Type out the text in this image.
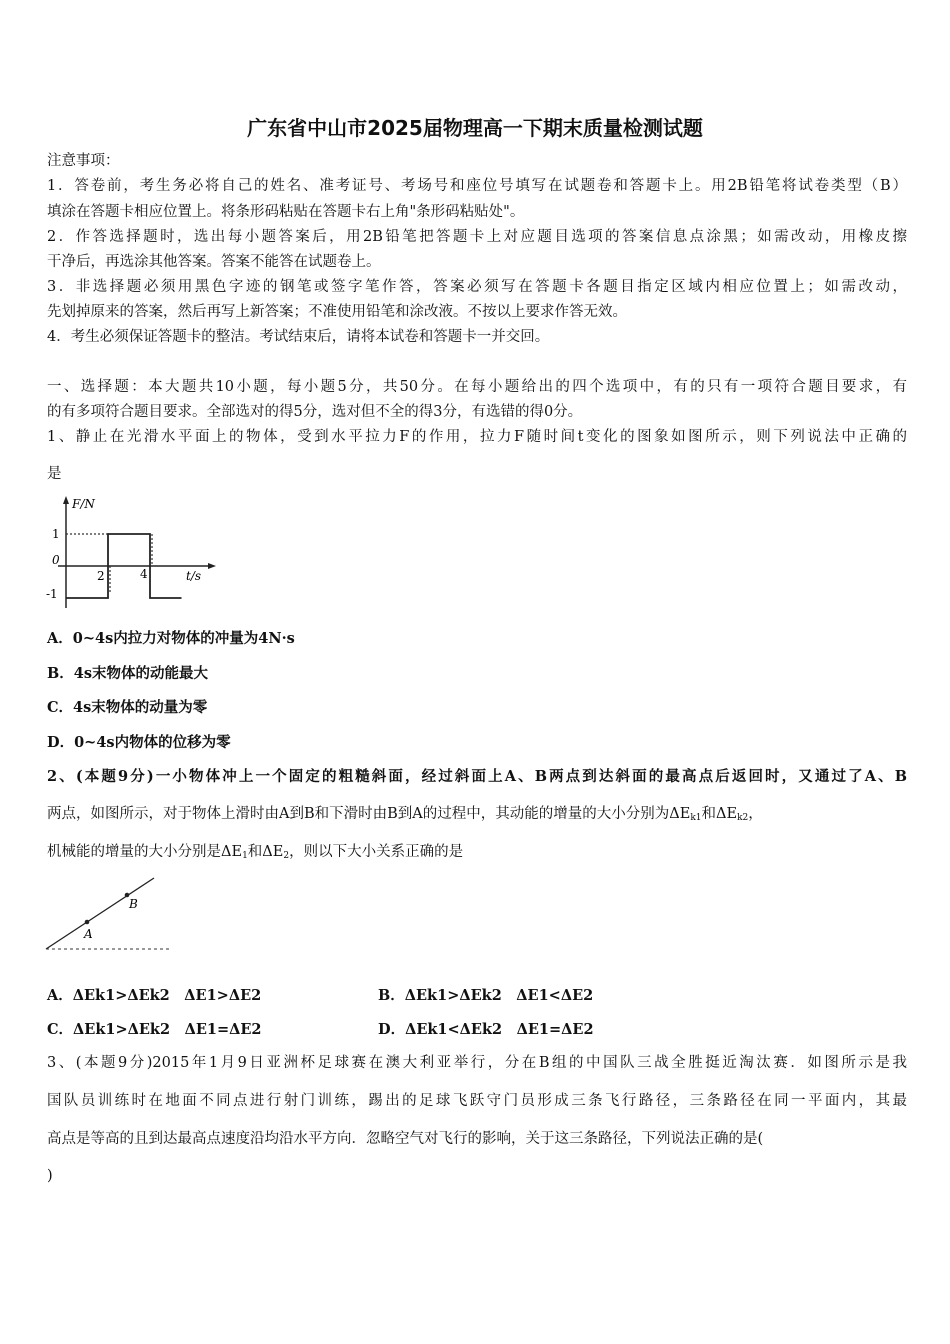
广东省中山市2025届物理高一下期末质量检测试题
注意事项：
1．答卷前，考生务必将自己的姓名、准考证号、考场号和座位号填写在试题卷和答题卡上。用2B铅笔将试卷类型（B）
填涂在答题卡相应位置上。将条形码粘贴在答题卡右上角"条形码粘贴处"。
2．作答选择题时，选出每小题答案后，用2B铅笔把答题卡上对应题目选项的答案信息点涂黑；如需改动，用橡皮擦
干净后，再选涂其他答案。答案不能答在试题卷上。
3．非选择题必须用黑色字迹的钢笔或签字笔作答，答案必须写在答题卡各题目指定区域内相应位置上；如需改动，
先划掉原来的答案，然后再写上新答案；不准使用铅笔和涂改液。不按以上要求作答无效。
4．考生必须保证答题卡的整洁。考试结束后，请将本试卷和答题卡一并交回。
一、选择题：本大题共10小题，每小题5分，共50分。在每小题给出的四个选项中，有的只有一项符合题目要求，有
的有多项符合题目要求。全部选对的得5分，选对但不全的得3分，有选错的得0分。
1、静止在光滑水平面上的物体，受到水平拉力F的作用，拉力F随时间t变化的图象如图所示，则下列说法中正确的
是
F/N
1
-1
0
2	4	t/s
A．0~4s内拉力对物体的冲量为4N·s
B．4s末物体的动能最大
C．4s末物体的动量为零
D．0~4s内物体的位移为零
2、(本题9分)一小物体冲上一个固定的粗糙斜面，经过斜面上A、B两点到达斜面的最高点后返回时，又通过了A、B
两点，如图所示，对于物体上滑时由A到B和下滑时由B到A的过程中，其动能的增量的大小分别为$\Delta E_{k1}$和$\Delta E_{k2}$，
机械能的增量的大小分别是$\Delta E_1$和$\Delta E_2$，则以下大小关系正确的是
A
B
A．ΔEk1>ΔEk2　ΔE1>ΔE2	B．ΔEk1>ΔEk2　ΔE1<ΔE2
C．ΔEk1>ΔEk2　ΔE1=ΔE2	D．ΔEk1<ΔEk2　ΔE1=ΔE2
3、(本题9分)2015年1月9日亚洲杯足球赛在澳大利亚举行，分在B组的中国队三战全胜挺近淘汰赛．如图所示是我
国队员训练时在地面不同点进行射门训练，踢出的足球飞跃守门员形成三条飞行路径，三条路径在同一平面内，其最
高点是等高的且到达最高点速度沿均沿水平方向．忽略空气对飞行的影响，关于这三条路径，下列说法正确的是(
)
